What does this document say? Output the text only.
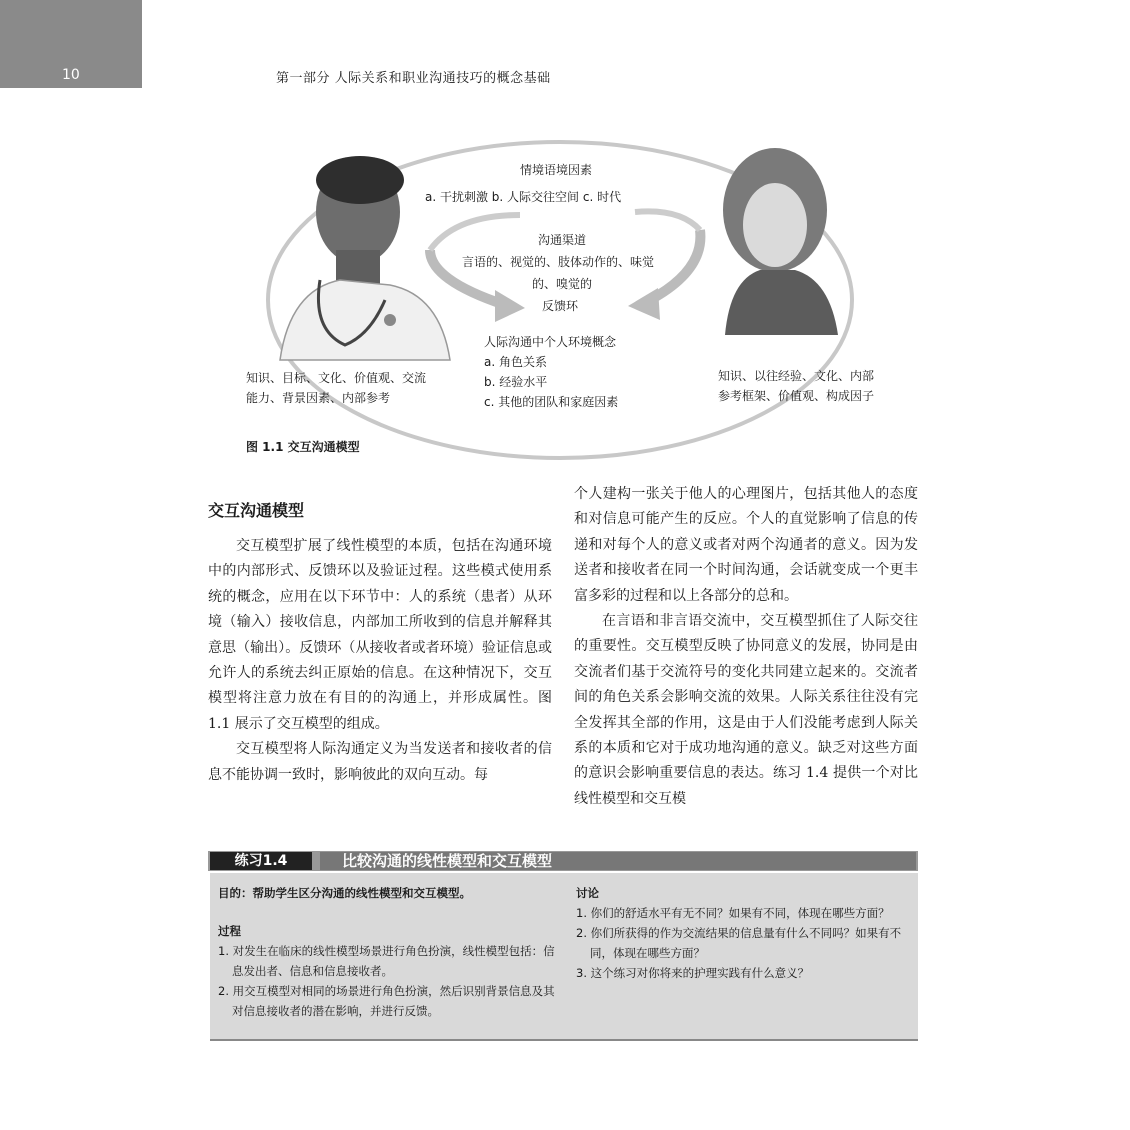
10	第一部分 人际关系和职业沟通技巧的概念基础
情境语境因素
a. 干扰刺激 b. 人际交往空间 c. 时代
沟通渠道
言语的、视觉的、肢体动作的、味觉
的、嗅觉的
反馈环
人际沟通中个人环境概念
a. 角色关系
b. 经验水平
c. 其他的团队和家庭因素
知识、目标、文化、价值观、交流能力、背景因素、内部参考
知识、以往经验、文化、内部
参考框架、价值观、构成因子
图 1.1 交互沟通模型
交互沟通模型

交互模型扩展了线性模型的本质，包括在沟通环境中的内部形式、反馈环以及验证过程。这些模式使用系统的概念，应用在以下环节中：人的系统（患者）从环境（输入）接收信息，内部加工所收到的信息并解释其意思（输出）。反馈环（从接收者或者环境）验证信息或允许人的系统去纠正原始的信息。在这种情况下，交互模型将注意力放在有目的的沟通上，并形成属性。图 1.1 展示了交互模型的组成。

交互模型将人际沟通定义为当发送者和接收者的信息不能协调一致时，影响彼此的双向互动。每

个人建构一张关于他人的心理图片，包括其他人的态度和对信息可能产生的反应。个人的直觉影响了信息的传递和对每个人的意义或者对两个沟通者的意义。因为发送者和接收者在同一个时间沟通，会话就变成一个更丰富多彩的过程和以上各部分的总和。

在言语和非言语交流中，交互模型抓住了人际交往的重要性。交互模型反映了协同意义的发展，协同是由交流者们基于交流符号的变化共同建立起来的。交流者间的角色关系会影响交流的效果。人际关系往往没有完全发挥其全部的作用，这是由于人们没能考虑到人际关系的本质和它对于成功地沟通的意义。缺乏对这些方面的意识会影响重要信息的表达。练习 1.4 提供一个对比线性模型和交互模

练习1.4	比较沟通的线性模型和交互模型
目的：帮助学生区分沟通的线性模型和交互模型。
过程
1. 对发生在临床的线性模型场景进行角色扮演，线性模型包括：信息发出者、信息和信息接收者。
2. 用交互模型对相同的场景进行角色扮演，然后识别背景信息及其对信息接收者的潜在影响，并进行反馈。
讨论
1. 你们的舒适水平有无不同？如果有不同，体现在哪些方面？
2. 你们所获得的作为交流结果的信息量有什么不同吗？如果有不同，体现在哪些方面？
3. 这个练习对你将来的护理实践有什么意义？
